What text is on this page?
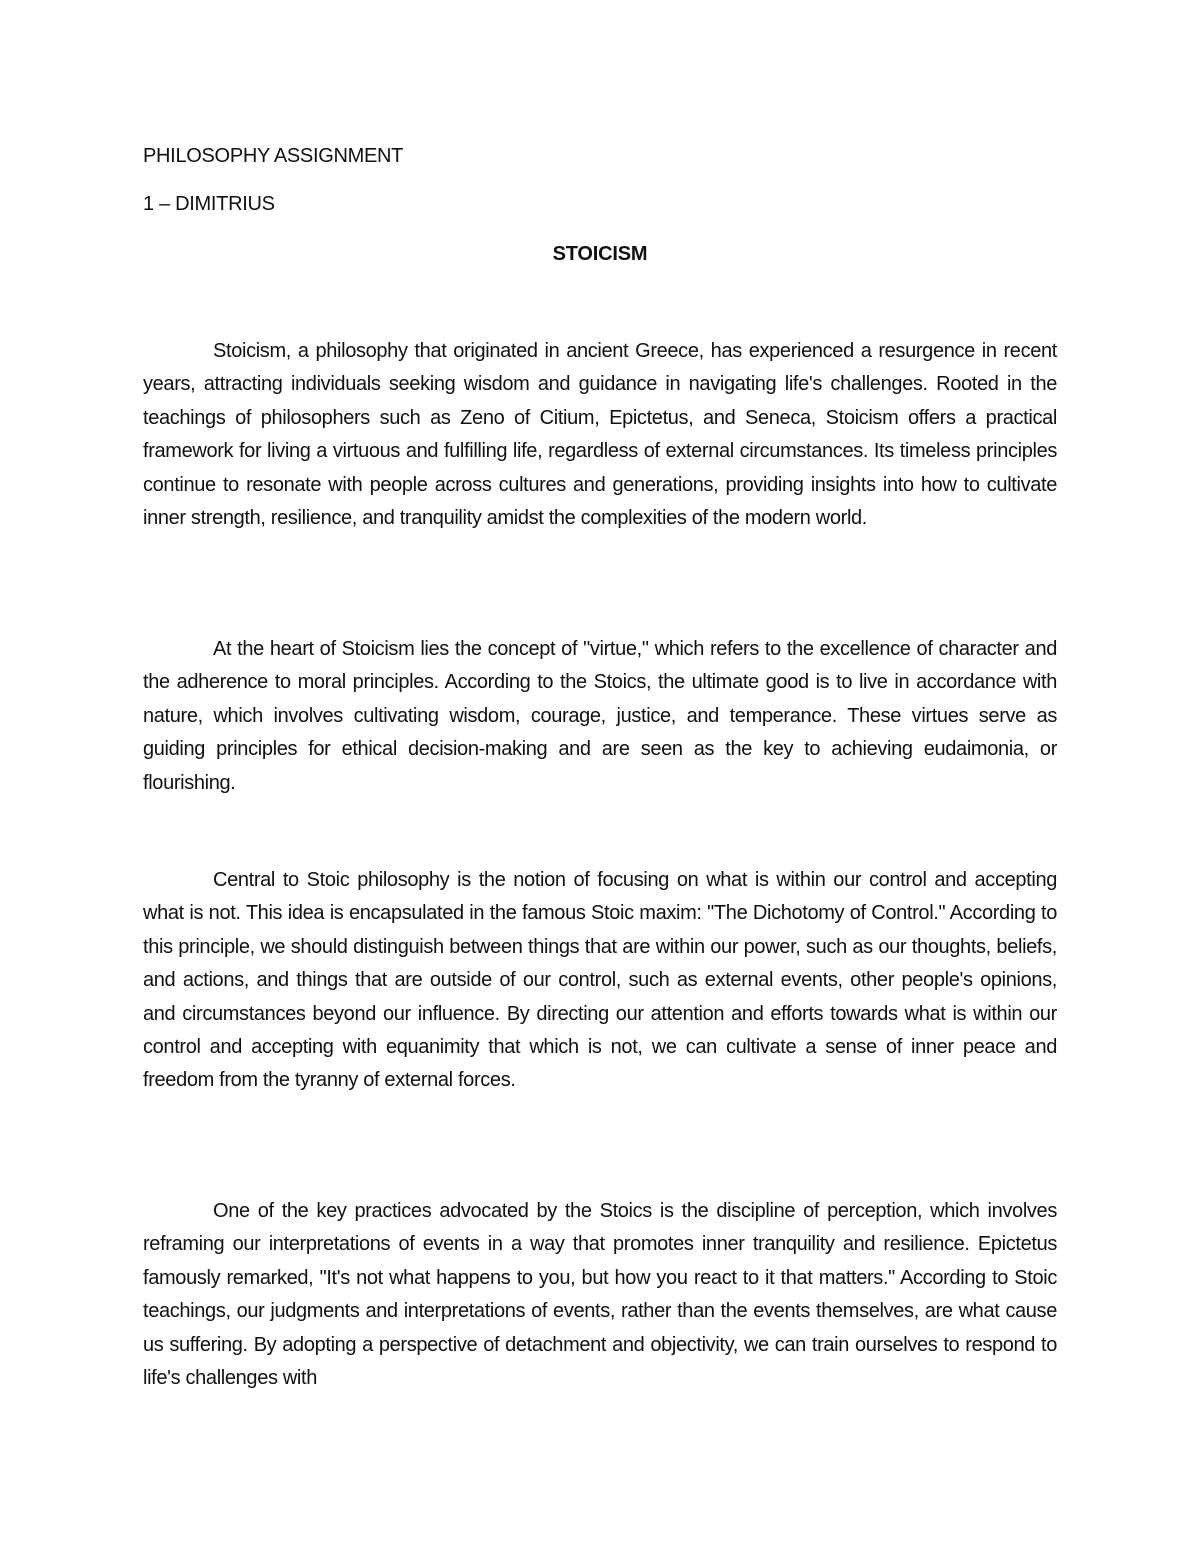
PHILOSOPHY ASSIGNMENT
1 – DIMITRIUS
STOICISM

Stoicism, a philosophy that originated in ancient Greece, has experienced a resurgence in recent years, attracting individuals seeking wisdom and guidance in navigating life's challenges. Rooted in the teachings of philosophers such as Zeno of Citium, Epictetus, and Seneca, Stoicism offers a practical framework for living a virtuous and fulfilling life, regardless of external circumstances. Its timeless principles continue to resonate with people across cultures and generations, providing insights into how to cultivate inner strength, resilience, and tranquility amidst the complexities of the modern world.

At the heart of Stoicism lies the concept of "virtue," which refers to the excellence of character and the adherence to moral principles. According to the Stoics, the ultimate good is to live in accordance with nature, which involves cultivating wisdom, courage, justice, and temperance. These virtues serve as guiding principles for ethical decision-making and are seen as the key to achieving eudaimonia, or flourishing.

Central to Stoic philosophy is the notion of focusing on what is within our control and accepting what is not. This idea is encapsulated in the famous Stoic maxim: "The Dichotomy of Control." According to this principle, we should distinguish between things that are within our power, such as our thoughts, beliefs, and actions, and things that are outside of our control, such as external events, other people's opinions, and circumstances beyond our influence. By directing our attention and efforts towards what is within our control and accepting with equanimity that which is not, we can cultivate a sense of inner peace and freedom from the tyranny of external forces.

One of the key practices advocated by the Stoics is the discipline of perception, which involves reframing our interpretations of events in a way that promotes inner tranquility and resilience. Epictetus famously remarked, "It's not what happens to you, but how you react to it that matters." According to Stoic teachings, our judgments and interpretations of events, rather than the events themselves, are what cause us suffering. By adopting a perspective of detachment and objectivity, we can train ourselves to respond to life's challenges with
